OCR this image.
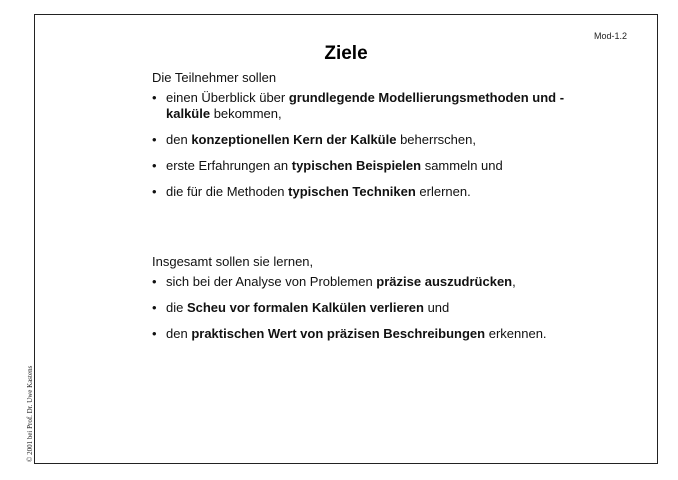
Mod-1.2
Ziele
Die Teilnehmer sollen
• einen Überblick über grundlegende Modellierungsmethoden und -kalküle bekommen,
• den konzeptionellen Kern der Kalküle beherrschen,
• erste Erfahrungen an typischen Beispielen sammeln und
• die für die Methoden typischen Techniken erlernen.
Insgesamt sollen sie lernen,
• sich bei der Analyse von Problemen präzise auszudrücken,
• die Scheu vor formalen Kalkülen verlieren und
• den praktischen Wert von präzisen Beschreibungen erkennen.
© 2001 bei Prof. Dr. Uwe Kastens
